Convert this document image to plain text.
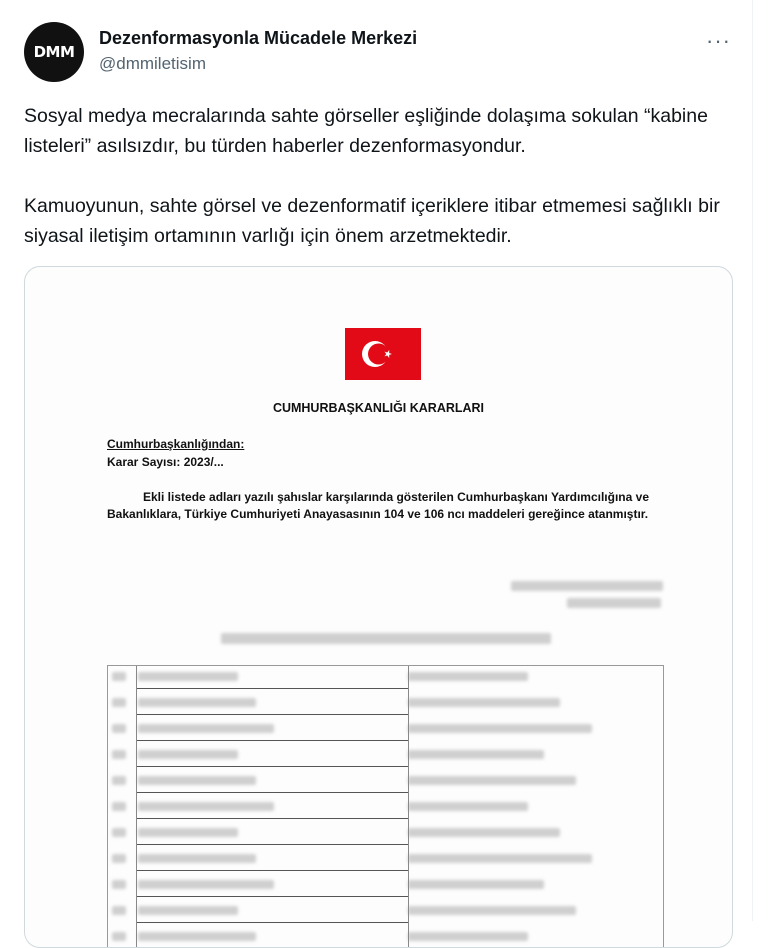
DMM
Dezenformasyonla Mücadele Merkezi
@dmmiletisim
···

Sosyal medya mecralarında sahte görseller eşliğinde dolaşıma sokulan “kabine listeleri” asılsızdır, bu türden haberler dezenformasyondur.

Kamuoyunun, sahte görsel ve dezenformatif içeriklere itibar etmemesi sağlıklı bir siyasal iletişim ortamının varlığı için önem arzetmektedir.

CUMHURBAŞKANLIĞI KARARLARI
Cumhurbaşkanlığından:
Karar Sayısı: 2023/...
Ekli listede adları yazılı şahıslar karşılarında gösterilen Cumhurbaşkanı Yardımcılığına ve Bakanlıklara, Türkiye Cumhuriyeti Anayasasının 104 ve 106 ncı maddeleri gereğince atanmıştır.
